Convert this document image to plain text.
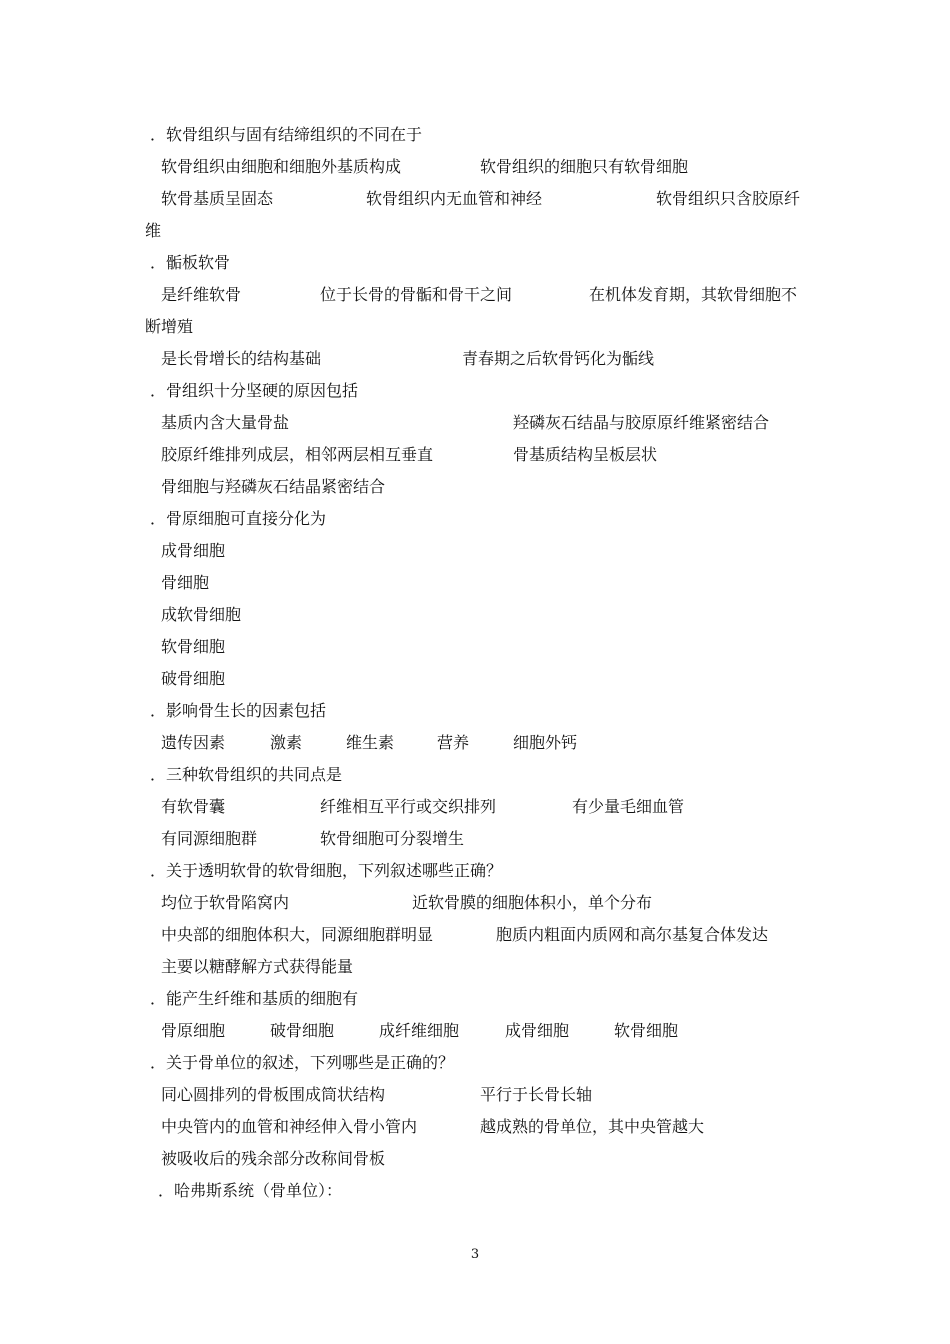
．软骨组织与固有结缔组织的不同在于
软骨组织由细胞和细胞外基质构成	软骨组织的细胞只有软骨细胞
软骨基质呈固态	软骨组织内无血管和神经	软骨组织只含胶原纤
维
．骺板软骨
是纤维软骨	位于长骨的骨骺和骨干之间	在机体发育期，其软骨细胞不
断增殖
是长骨增长的结构基础	青春期之后软骨钙化为骺线
．骨组织十分坚硬的原因包括
基质内含大量骨盐	羟磷灰石结晶与胶原原纤维紧密结合
胶原纤维排列成层，相邻两层相互垂直	骨基质结构呈板层状
骨细胞与羟磷灰石结晶紧密结合
．骨原细胞可直接分化为
成骨细胞
骨细胞
成软骨细胞
软骨细胞
破骨细胞
．影响骨生长的因素包括
遗传因素	激素	维生素	营养	细胞外钙
．三种软骨组织的共同点是
有软骨囊	纤维相互平行或交织排列	有少量毛细血管
有同源细胞群	软骨细胞可分裂增生
．关于透明软骨的软骨细胞，下列叙述哪些正确？
均位于软骨陷窝内	近软骨膜的细胞体积小，单个分布
中央部的细胞体积大，同源细胞群明显	胞质内粗面内质网和高尔基复合体发达
主要以糖酵解方式获得能量
．能产生纤维和基质的细胞有
骨原细胞	破骨细胞	成纤维细胞	成骨细胞	软骨细胞
．关于骨单位的叙述，下列哪些是正确的？
同心圆排列的骨板围成筒状结构	平行于长骨长轴
中央管内的血管和神经伸入骨小管内	越成熟的骨单位，其中央管越大
被吸收后的残余部分改称间骨板
．哈弗斯系统（骨单位）：
3
